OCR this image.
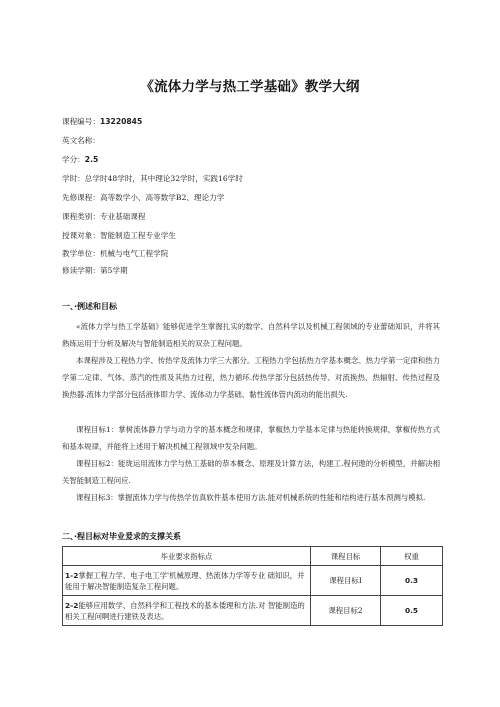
《流体力学与热工学基础》教学大纲
课程编号：13220845
英文名称：
学分：2.5
学时：总学时48学时，其中理论32学时，实践16学时
先修课程：高等数学小、高等数学B2、理论力学
课程类别：专业基础课程
授课对象：智能制造工程专业学生
教学单位：机械与电气工程学院
修读学期：第5学期
一、·例述和目标
«流体力学与热工学基础》能够促进学生掌握扎实的数学、自然科学以及机械工程领域的专业蕾础知识，并将其熟练运用于分析及解决与智能制造相关的双杂工程问题。
本课程涉及工程热力学、传热学及流体力学三大都分。工程热力学包括热力学基本概念、热力学第一定律和热力学第二定律、气体、蒸汽的性质及其热力过程，热力循环.传热学部分包括热传导、对流换热、热辐射、传热过程及换热器.流体力学部分包括液体即力学、流体动力学基础、黏性流体管内流动的能出损失.
课程目标1：掌树流体静力学与动力学的基本概念和规律，掌椒热力学基本定律与热能转换规律，掌椒传热方式和基本规律，并能将上述用于解决机械工程领域中发杂问题。
课程目标2：能珑运用流体力学与热工基础的恭本概念、原理及计算方法，构建工.程何遨的分析模型，并解决相关智能制造工程问应.
课程目标3：掌握流体力学与传热学仿真软件基本使用方法.能对机械系统的性能和结构进行基本预测与模拟.
二、·程目标对毕业爰求的支撑关系
毕业要求指标点	课程目标	权重
1-2掌握工程力学、电子电工学'机械原理、热流体力学等专业 础知识，并能用于解决智能制造复杂工程问题。	课程目标I	0.3
2-2能够应用数学、自然科学和工程技术的基本倭理和方法.对 智能制造的相关工程问啊进行建铁及表达。	课程目标2	0.5
